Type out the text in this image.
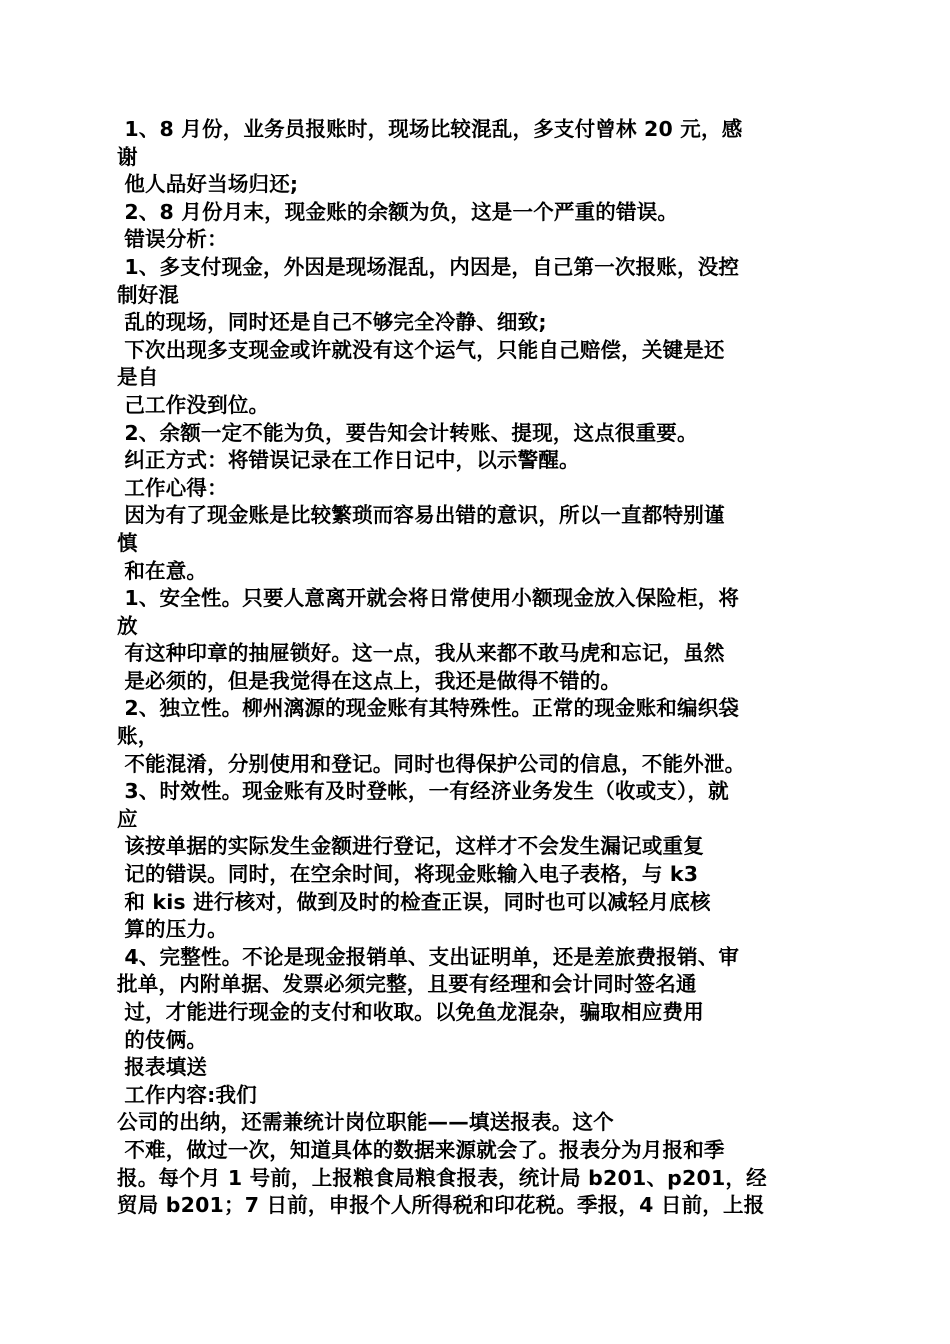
1、8 月份，业务员报账时，现场比较混乱，多支付曾林 20 元，感
谢
他人品好当场归还;
2、8 月份月末，现金账的余额为负，这是一个严重的错误。
错误分析：
1、多支付现金，外因是现场混乱，内因是，自己第一次报账，没控
制好混
乱的现场，同时还是自己不够完全冷静、细致;
下次出现多支现金或许就没有这个运气，只能自己赔偿，关键是还
是自
己工作没到位。
2、余额一定不能为负，要告知会计转账、提现，这点很重要。
纠正方式：将错误记录在工作日记中，以示警醒。
工作心得：
因为有了现金账是比较繁琐而容易出错的意识，所以一直都特别谨
慎
和在意。
1、安全性。只要人意离开就会将日常使用小额现金放入保险柜，将
放
有这种印章的抽屉锁好。这一点，我从来都不敢马虎和忘记，虽然
是必须的，但是我觉得在这点上，我还是做得不错的。
2、独立性。柳州漓源的现金账有其特殊性。正常的现金账和编织袋
账，
不能混淆，分别使用和登记。同时也得保护公司的信息，不能外泄。
3、时效性。现金账有及时登帐，一有经济业务发生（收或支），就
应
该按单据的实际发生金额进行登记，这样才不会发生漏记或重复
记的错误。同时，在空余时间，将现金账输入电子表格，与 k3
和 kis 进行核对，做到及时的检查正误，同时也可以减轻月底核
算的压力。
4、完整性。不论是现金报销单、支出证明单，还是差旅费报销、审
批单，内附单据、发票必须完整，且要有经理和会计同时签名通
过，才能进行现金的支付和收取。以免鱼龙混杂，骗取相应费用
的伎俩。
报表填送
工作内容:我们
公司的出纳，还需兼统计岗位职能——填送报表。这个
不难，做过一次，知道具体的数据来源就会了。报表分为月报和季
报。每个月 1 号前，上报粮食局粮食报表，统计局 b201、p201，经
贸局 b201；7 日前，申报个人所得税和印花税。季报，4 日前，上报
